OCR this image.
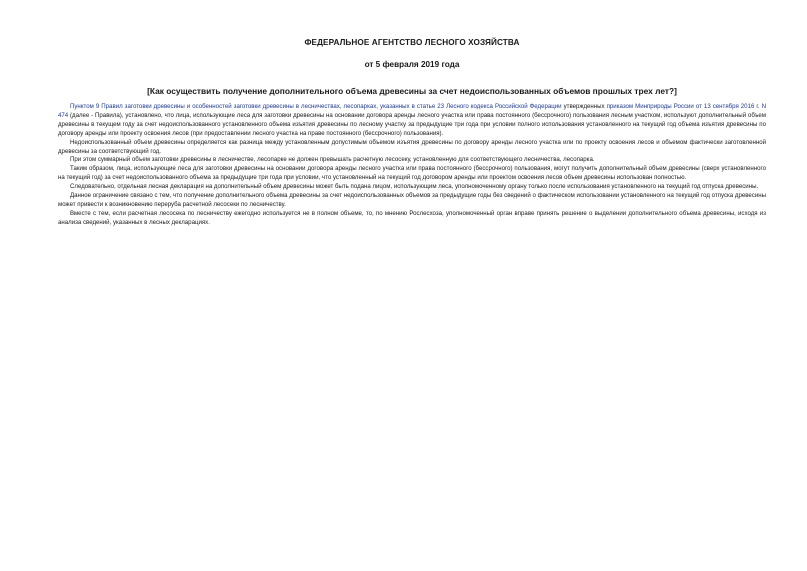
ФЕДЕРАЛЬНОЕ АГЕНТСТВО ЛЕСНОГО ХОЗЯЙСТВА
от 5 февраля 2019 года
[Как осуществить получение дополнительного объема древесины за счет недоиспользованных объемов прошлых трех лет?]

Пунктом 9 Правил заготовки древесины и особенностей заготовки древесины в лесничествах, лесопарках, указанных в статье 23 Лесного кодекса Российской Федерации утвержденных приказом Минприроды России от 13 сентября 2016 г. N 474 (далее - Правила), установлено, что лица, использующие леса для заготовки древесины на основании договора аренды лесного участка или права постоянного (бессрочного) пользования лесным участком, используют дополнительный объем древесины в текущем году за счет недоиспользованного установленного объема изъятия древесины по лесному участку за предыдущие три года при условии полного использования установленного на текущий год объема изъятия древесины по договору аренды или проекту освоения лесов (при предоставлении лесного участка на праве постоянного (бессрочного) пользования).

Недоиспользованный объем древесины определяется как разница между установленным допустимым объемом изъятия древесины по договору аренды лесного участка или по проекту освоения лесов и объемом фактически заготовленной древесины за соответствующий год.

При этом суммарный объем заготовки древесины в лесничестве, лесопарке не должен превышать расчетную лесосеку, установленную для соответствующего лесничества, лесопарка.

Таким образом, лица, использующие леса для заготовки древесины на основании договора аренды лесного участка или права постоянного (бессрочного) пользования, могут получить дополнительный объем древесины (сверх установленного на текущий год) за счет недоиспользованного объема за предыдущие три года при условии, что установленный на текущий год договором аренды или проектом освоения лесов объем древесины использован полностью.

Следовательно, отдельная лесная декларация на дополнительный объем древесины может быть подана лицом, использующим леса, уполномоченному органу только после использования установленного на текущий год отпуска древесины.

Данное ограничение связано с тем, что получение дополнительного объема древесины за счет недоиспользованных объемов за предыдущие годы без сведений о фактическом использовании установленного на текущий год отпуска древесины может привести к возникновению переруба расчетной лесосеки по лесничеству.

Вместе с тем, если расчетная лесосека по лесничеству ежегодно используется не в полном объеме, то, по мнению Рослесхоза, уполномоченный орган вправе принять решение о выделении дополнительного объема древесины, исходя из анализа сведений, указанных в лесных декларациях.
